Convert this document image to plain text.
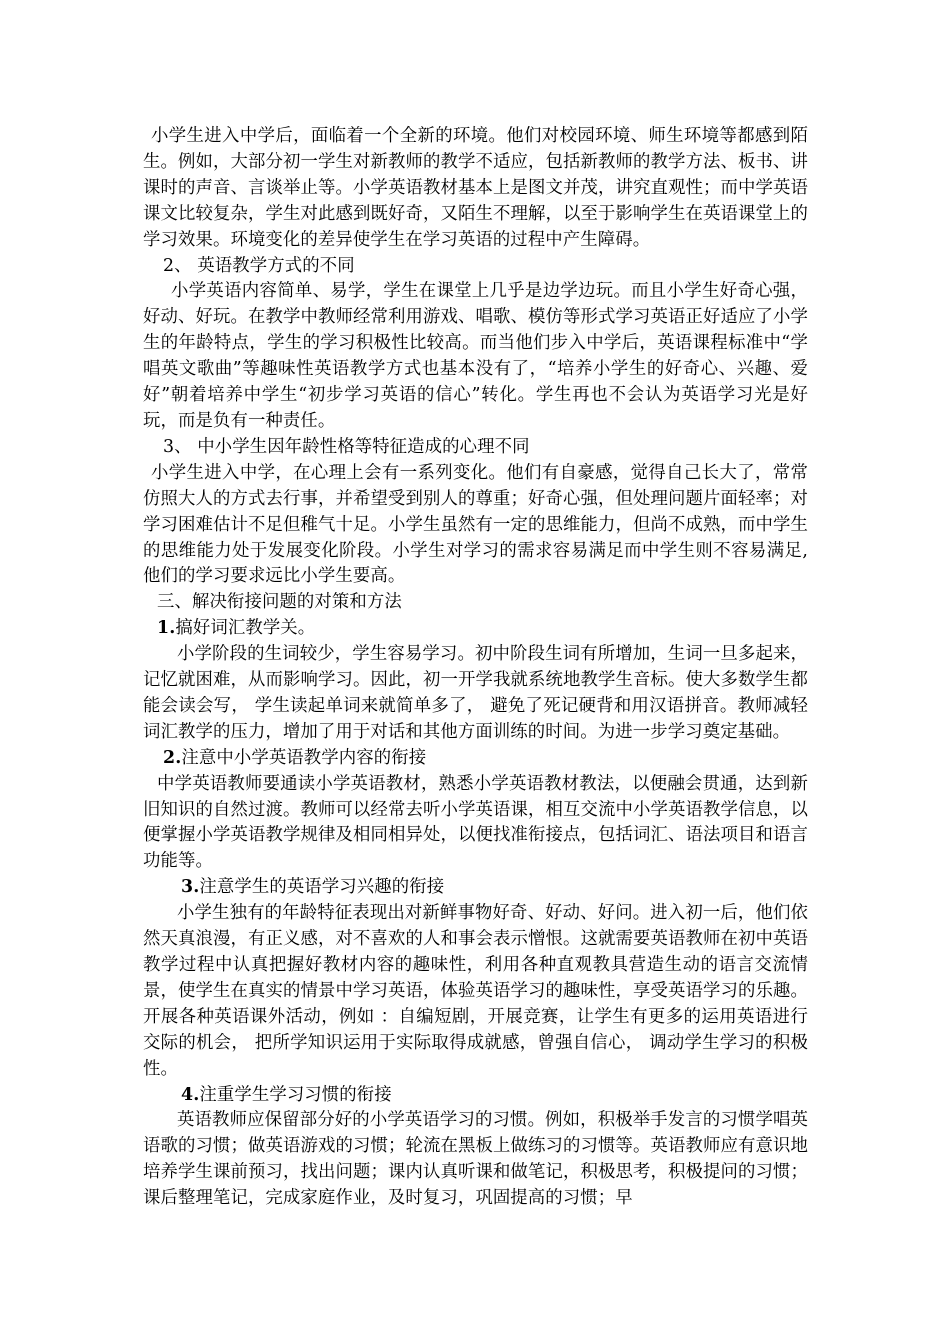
小学生进入中学后，面临着一个全新的环境。他们对校园环境、师生环境等都感到陌生。例如，大部分初一学生对新教师的教学不适应，包括新教师的教学方法、板书、讲课时的声音、言谈举止等。小学英语教材基本上是图文并茂，讲究直观性；而中学英语课文比较复杂，学生对此感到既好奇，又陌生不理解，以至于影响学生在英语课堂上的学习效果。环境变化的差异使学生在学习英语的过程中产生障碍。

2、 英语教学方式的不同

小学英语内容简单、易学，学生在课堂上几乎是边学边玩。而且小学生好奇心强，好动、好玩。在教学中教师经常利用游戏、唱歌、模仿等形式学习英语正好适应了小学生的年龄特点，学生的学习积极性比较高。而当他们步入中学后，英语课程标准中“学唱英文歌曲”等趣味性英语教学方式也基本没有了，“培养小学生的好奇心、兴趣、爱好”朝着培养中学生“初步学习英语的信心”转化。学生再也不会认为英语学习光是好玩，而是负有一种责任。

3、 中小学生因年龄性格等特征造成的心理不同

小学生进入中学，在心理上会有一系列变化。他们有自豪感，觉得自己长大了，常常仿照大人的方式去行事，并希望受到别人的尊重；好奇心强，但处理问题片面轻率；对学习困难估计不足但稚气十足。小学生虽然有一定的思维能力，但尚不成熟，而中学生的思维能力处于发展变化阶段。小学生对学习的需求容易满足而中学生则不容易满足,他们的学习要求远比小学生要高。

三、解决衔接问题的对策和方法

1.搞好词汇教学关。

小学阶段的生词较少，学生容易学习。初中阶段生词有所增加，生词一旦多起来，记忆就困难，从而影响学习。因此，初一开学我就系统地教学生音标。使大多数学生都能会读会写， 学生读起单词来就简单多了， 避免了死记硬背和用汉语拼音。教师减轻词汇教学的压力，增加了用于对话和其他方面训练的时间。为进一步学习奠定基础。

2.注意中小学英语教学内容的衔接

中学英语教师要通读小学英语教材，熟悉小学英语教材教法，以便融会贯通，达到新旧知识的自然过渡。教师可以经常去听小学英语课，相互交流中小学英语教学信息，以便掌握小学英语教学规律及相同相异处，以便找准衔接点，包括词汇、语法项目和语言功能等。

3.注意学生的英语学习兴趣的衔接

小学生独有的年龄特征表现出对新鲜事物好奇、好动、好问。进入初一后，他们依然天真浪漫，有正义感，对不喜欢的人和事会表示憎恨。这就需要英语教师在初中英语教学过程中认真把握好教材内容的趣味性，利用各种直观教具营造生动的语言交流情景，使学生在真实的情景中学习英语，体验英语学习的趣味性，享受英语学习的乐趣。开展各种英语课外活动，例如 ：自编短剧，开展竞赛，让学生有更多的运用英语进行交际的机会， 把所学知识运用于实际取得成就感，曾强自信心， 调动学生学习的积极性。

4.注重学生学习习惯的衔接

英语教师应保留部分好的小学英语学习的习惯。例如，积极举手发言的习惯学唱英语歌的习惯；做英语游戏的习惯；轮流在黑板上做练习的习惯等。英语教师应有意识地培养学生课前预习，找出问题；课内认真听课和做笔记，积极思考，积极提问的习惯；课后整理笔记，完成家庭作业，及时复习，巩固提高的习惯；早
